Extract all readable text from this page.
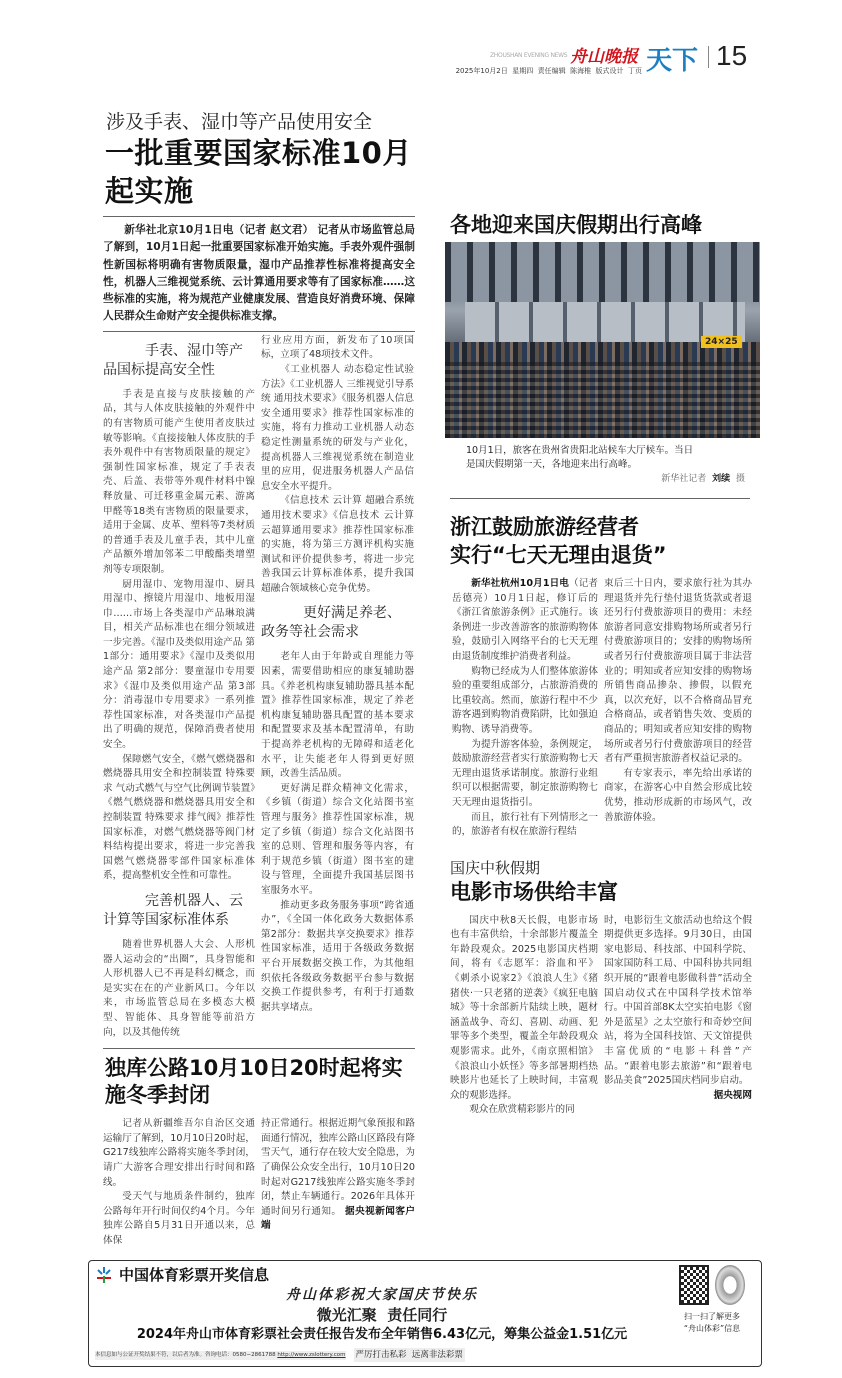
ZHOUSHAN EVENING NEWS 舟山晚报 天下 15
2025年10月2日  星期四  责任编辑  陈海椎  版式设计  丁页
涉及手表、湿巾等产品使用安全
一批重要国家标准10月起实施

新华社北京10月1日电（记者 赵文君） 记者从市场监管总局了解到，10月1日起一批重要国家标准开始实施。手表外观件强制性新国标将明确有害物质限量，湿巾产品推荐性标准将提高安全性，机器人三维视觉系统、云计算通用要求等有了国家标准……这些标准的实施，将为规范产业健康发展、营造良好消费环境、保障人民群众生命财产安全提供标准支撑。

手表、湿巾等产品国标提高安全性

手表是直接与皮肤接触的产品，其与人体皮肤接触的外观件中的有害物质可能产生使用者皮肤过敏等影响。《直接接触人体皮肤的手表外观件中有害物质限量的规定》强制性国家标准，规定了手表表壳、后盖、表带等外观件材料中镍释放量、可迁移重金属元素、游离甲醛等18类有害物质的限量要求，适用于金属、皮革、塑料等7类材质的普通手表及儿童手表，其中儿童产品额外增加邻苯二甲酸酯类增塑剂等专项限制。

厨用湿巾、宠物用湿巾、厨具用湿巾、擦镜片用湿巾、地板用湿巾……市场上各类湿巾产品琳琅满目，相关产品标准也在细分领域进一步完善。《湿巾及类似用途产品 第1部分：通用要求》《湿巾及类似用途产品 第2部分：婴童湿巾专用要求》《湿巾及类似用途产品 第3部分：消毒湿巾专用要求》一系列推荐性国家标准，对各类湿巾产品提出了明确的规范，保障消费者使用安全。

保障燃气安全，《燃气燃烧器和燃烧器具用安全和控制装置 特殊要求 气动式燃气与空气比例调节装置》《燃气燃烧器和燃烧器具用安全和控制装置 特殊要求 排气阀》推荐性国家标准，对燃气燃烧器等阀门材料结构提出要求，将进一步完善我国燃气燃烧器零部件国家标准体系，提高整机安全性和可靠性。

完善机器人、云计算等国家标准体系

随着世界机器人大会、人形机器人运动会的“出圈”，具身智能和人形机器人已不再是科幻概念，而是实实在在的产业新风口。今年以来，市场监管总局在多模态大模型、智能体、具身智能等前沿方向，以及其他传统

行业应用方面，新发布了10项国标，立项了48项技术文件。

《工业机器人 动态稳定性试验方法》《工业机器人 三维视觉引导系统 通用技术要求》《服务机器人信息安全通用要求》推荐性国家标准的实施，将有力推动工业机器人动态稳定性测量系统的研发与产业化，提高机器人三维视觉系统在制造业里的应用，促进服务机器人产品信息安全水平提升。

《信息技术 云计算 超融合系统通用技术要求》《信息技术 云计算 云超算通用要求》推荐性国家标准的实施，将为第三方测评机构实施测试和评价提供参考，将进一步完善我国云计算标准体系，提升我国超融合领域核心竞争优势。

更好满足养老、政务等社会需求

老年人由于年龄或自理能力等因素，需要借助相应的康复辅助器具。《养老机构康复辅助器具基本配置》推荐性国家标准，规定了养老机构康复辅助器具配置的基本要求和配置要求及基本配置清单，有助于提高养老机构的无障碍和适老化水平，让失能老年人得到更好照顾，改善生活品质。

更好满足群众精神文化需求，《乡镇（街道）综合文化站图书室管理与服务》推荐性国家标准，规定了乡镇（街道）综合文化站图书室的总则、管理和服务等内容，有利于规范乡镇（街道）图书室的建设与管理，全面提升我国基层图书室服务水平。

推动更多政务服务事项“跨省通办”，《全国一体化政务大数据体系 第2部分：数据共享交换要求》推荐性国家标准，适用于各级政务数据平台开展数据交换工作，为其他组织依托各级政务数据平台参与数据交换工作提供参考，有利于打通数据共享堵点。

独库公路10月10日20时起将实施冬季封闭

记者从新疆维吾尔自治区交通运输厅了解到，10月10日20时起，G217线独库公路将实施冬季封闭，请广大游客合理安排出行时间和路线。

受天气与地质条件制约，独库公路每年开行时间仅约4个月。今年独库公路自5月31日开通以来，总体保

持正常通行。根据近期气象预报和路面通行情况，独库公路山区路段有降雪天气，通行存在较大安全隐患，为了确保公众安全出行，10月10日20时起对G217线独库公路实施冬季封闭，禁止车辆通行。2026年具体开通时间另行通知。 据央视新闻客户端

各地迎来国庆假期出行高峰
24×25
10月1日，旅客在贵州省贵阳北站候车大厅候车。当日是国庆假期第一天，各地迎来出行高峰。
新华社记者 刘续 摄
浙江鼓励旅游经营者
实行“七天无理由退货”

新华社杭州10月1日电（记者 岳德亮）10月1日起，修订后的《浙江省旅游条例》正式施行。该条例进一步改善游客的旅游购物体验，鼓励引入网络平台的七天无理由退货制度维护消费者利益。

购物已经成为人们整体旅游体验的重要组成部分，占旅游消费的比重较高。然而，旅游行程中不少游客遇到购物消费陷阱，比如强迫购物、诱导消费等。

为提升游客体验，条例规定，鼓励旅游经营者实行旅游购物七天无理由退货承诺制度。旅游行业组织可以根据需要，制定旅游购物七天无理由退货指引。

而且，旅行社有下列情形之一的，旅游者有权在旅游行程结

束后三十日内，要求旅行社为其办理退货并先行垫付退货货款或者退还另行付费旅游项目的费用：未经旅游者同意安排购物场所或者另行付费旅游项目的；安排的购物场所或者另行付费旅游项目属于非法营业的；明知或者应知安排的购物场所销售商品掺杂、掺假，以假充真，以次充好，以不合格商品冒充合格商品，或者销售失效、变质的商品的；明知或者应知安排的购物场所或者另行付费旅游项目的经营者有严重损害旅游者权益记录的。

有专家表示，率先给出承诺的商家，在游客心中自然会形成比较优势，推动形成新的市场风气，改善旅游体验。

国庆中秋假期
电影市场供给丰富

国庆中秋8天长假，电影市场也有丰富供给，十余部影片覆盖全年龄段观众。2025电影国庆档期间，将有《志愿军：浴血和平》《刺杀小说家2》《浪浪人生》《猪猪侠·一只老猪的逆袭》《疯狂电脑城》等十余部新片陆续上映，题材涵盖战争、奇幻、喜剧、动画、犯罪等多个类型，覆盖全年龄段观众观影需求。此外，《南京照相馆》《浪浪山小妖怪》等多部暑期档热映影片也延长了上映时间，丰富观众的观影选择。

观众在欣赏精彩影片的同

时，电影衍生文旅活动也给这个假期提供更多选择。9月30日，由国家电影局、科技部、中国科学院、国家国防科工局、中国科协共同组织开展的“跟着电影做科普”活动全国启动仪式在中国科学技术馆举行。中国首部8K太空实拍电影《窗外是蓝星》之太空旅行和奇妙空间站，将为全国科技馆、天文馆提供丰富优质的“电影＋科普”产品。“跟着电影去旅游”和“跟着电影品美食”2025国庆档同步启动。

据央视网

中国体育彩票开奖信息
舟山体彩祝大家国庆节快乐
微光汇聚  责任同行
2024年舟山市体育彩票社会责任报告发布全年销售6.43亿元，筹集公益金1.51亿元
本信息如与公证开奖结果不符，以后者为准。咨询电话：0580−2861788 http://www.zslottery.com 严厉打击私彩  远离非法彩票
扫一扫了解更多
“舟山体彩”信息
